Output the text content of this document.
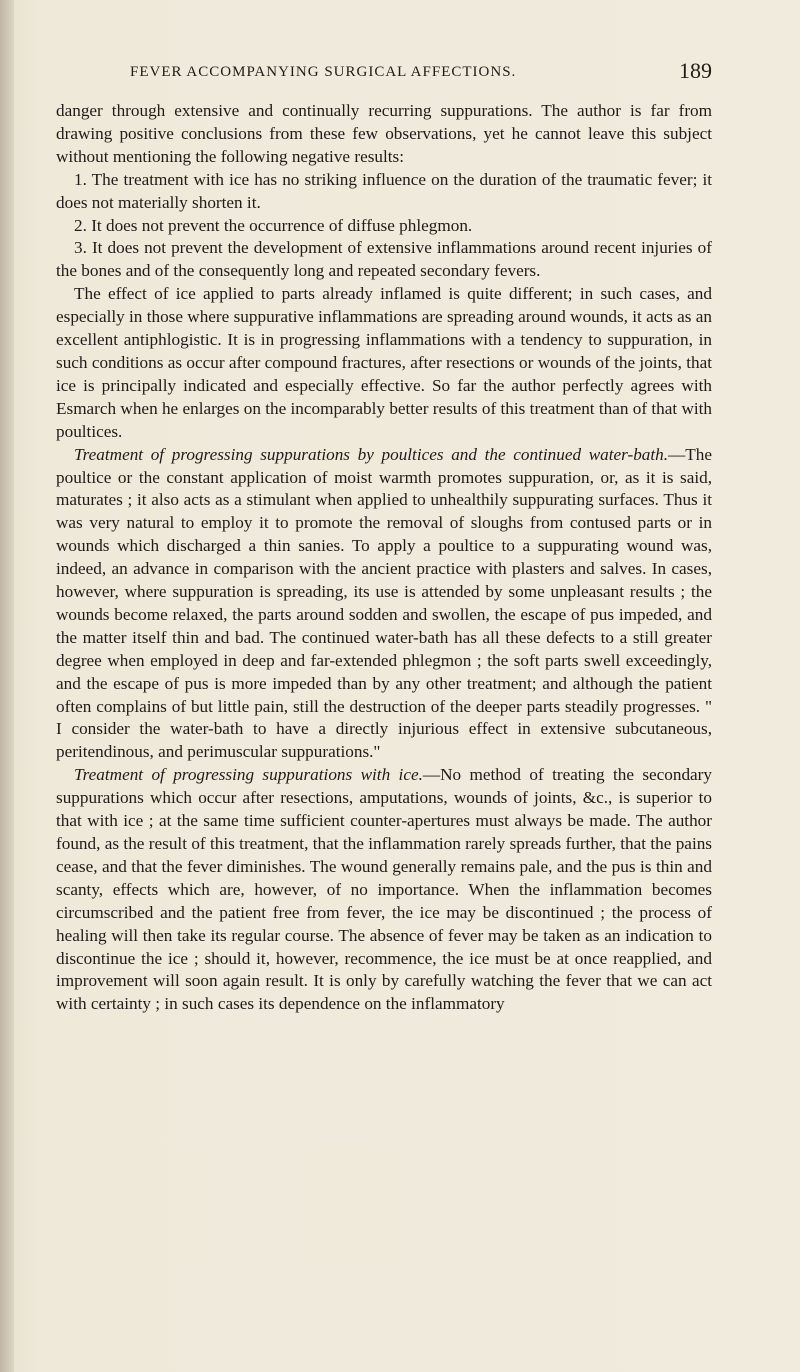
FEVER ACCOMPANYING SURGICAL AFFECTIONS.	189

danger through extensive and continually recurring suppurations. The author is far from drawing positive conclusions from these few observations, yet he cannot leave this subject without mentioning the following negative results:

1. The treatment with ice has no striking influence on the duration of the traumatic fever; it does not materially shorten it.

2. It does not prevent the occurrence of diffuse phlegmon.

3. It does not prevent the development of extensive inflammations around recent injuries of the bones and of the consequently long and repeated secondary fevers.

The effect of ice applied to parts already inflamed is quite different; in such cases, and especially in those where suppurative inflammations are spreading around wounds, it acts as an excellent antiphlogistic. It is in progressing inflammations with a tendency to suppuration, in such conditions as occur after compound fractures, after resections or wounds of the joints, that ice is principally indicated and especially effective. So far the author perfectly agrees with Esmarch when he enlarges on the incomparably better results of this treatment than of that with poultices.

Treatment of progressing suppurations by poultices and the continued water-bath.—The poultice or the constant application of moist warmth promotes suppuration, or, as it is said, maturates ; it also acts as a stimulant when applied to unhealthily suppurating surfaces. Thus it was very natural to employ it to promote the removal of sloughs from contused parts or in wounds which discharged a thin sanies. To apply a poultice to a suppurating wound was, indeed, an advance in comparison with the ancient practice with plasters and salves. In cases, however, where suppuration is spreading, its use is attended by some unpleasant results ; the wounds become relaxed, the parts around sodden and swollen, the escape of pus impeded, and the matter itself thin and bad. The continued water-bath has all these defects to a still greater degree when employed in deep and far-extended phlegmon ; the soft parts swell exceedingly, and the escape of pus is more impeded than by any other treatment; and although the patient often complains of but little pain, still the destruction of the deeper parts steadily progresses. " I consider the water-bath to have a directly injurious effect in extensive subcutaneous, peritendinous, and perimuscular suppurations."

Treatment of progressing suppurations with ice.—No method of treating the secondary suppurations which occur after resections, amputations, wounds of joints, &c., is superior to that with ice ; at the same time sufficient counter-apertures must always be made. The author found, as the result of this treatment, that the inflammation rarely spreads further, that the pains cease, and that the fever diminishes. The wound generally remains pale, and the pus is thin and scanty, effects which are, however, of no importance. When the inflammation becomes circumscribed and the patient free from fever, the ice may be discontinued ; the process of healing will then take its regular course. The absence of fever may be taken as an indication to discontinue the ice ; should it, however, recommence, the ice must be at once reapplied, and improvement will soon again result. It is only by carefully watching the fever that we can act with certainty ; in such cases its dependence on the inflammatory
